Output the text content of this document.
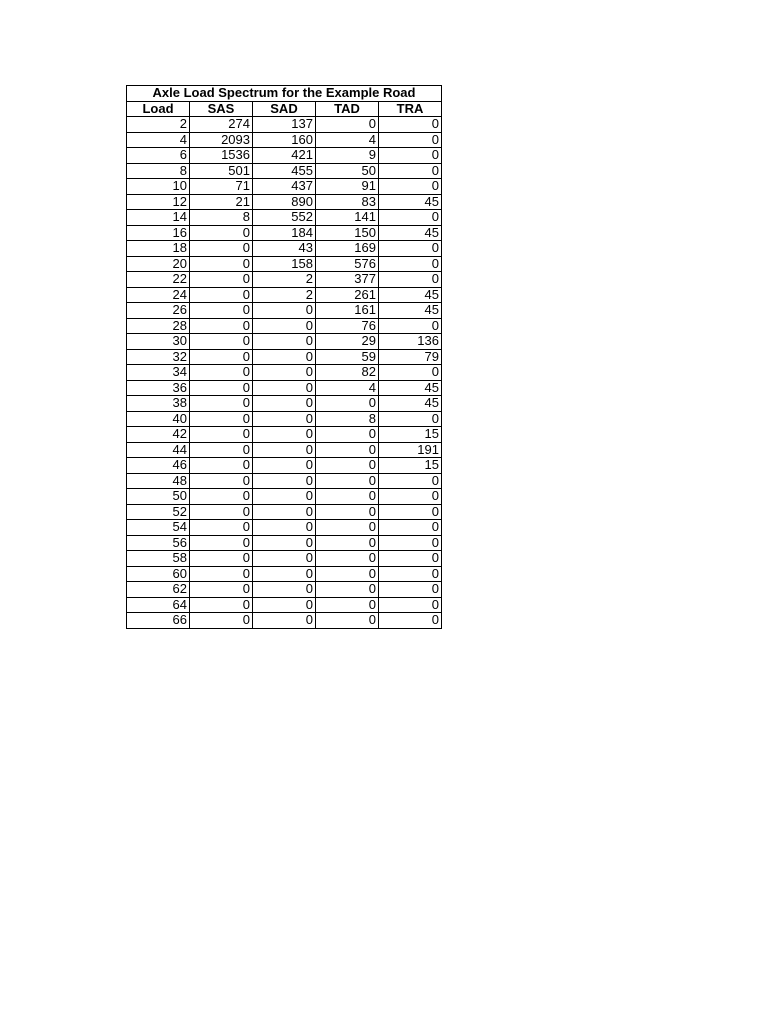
Axle Load Spectrum for the Example Road				
Load	SAS	SAD	TAD	TRA
2	274	137	0	0
4	2093	160	4	0
6	1536	421	9	0
8	501	455	50	0
10	71	437	91	0
12	21	890	83	45
14	8	552	141	0
16	0	184	150	45
18	0	43	169	0
20	0	158	576	0
22	0	2	377	0
24	0	2	261	45
26	0	0	161	45
28	0	0	76	0
30	0	0	29	136
32	0	0	59	79
34	0	0	82	0
36	0	0	4	45
38	0	0	0	45
40	0	0	8	0
42	0	0	0	15
44	0	0	0	191
46	0	0	0	15
48	0	0	0	0
50	0	0	0	0
52	0	0	0	0
54	0	0	0	0
56	0	0	0	0
58	0	0	0	0
60	0	0	0	0
62	0	0	0	0
64	0	0	0	0
66	0	0	0	0
